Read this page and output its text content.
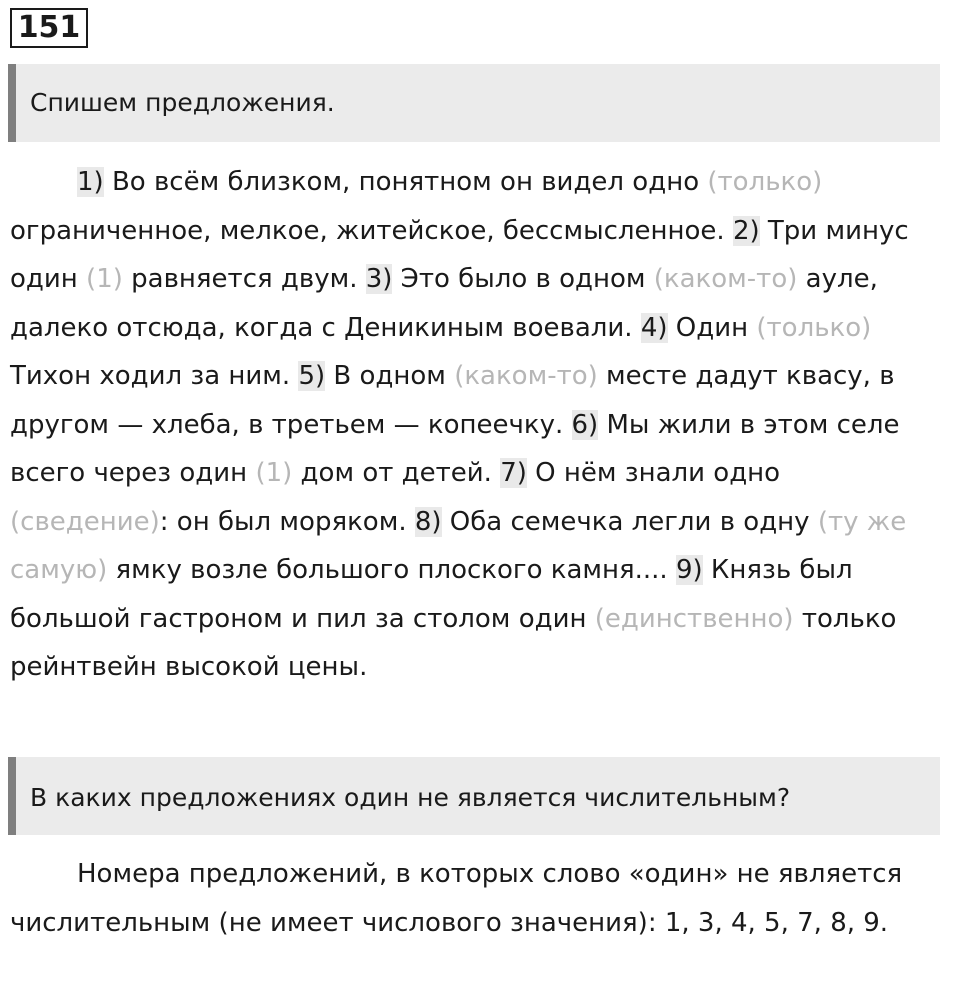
151
Спишем предложения.
1) Во всём близком, понятном он видел одно (только) ограниченное, мелкое, житейское, бессмысленное. 2) Три минус один (1) равняется двум. 3) Это было в одном (каком-то) ауле, далеко отсюда, когда с Деникиным воевали. 4) Один (только) Тихон ходил за ним. 5) В одном (каком-то) месте дадут квасу, в другом — хлеба, в третьем — копеечку. 6) Мы жили в этом селе всего через один (1) дом от детей. 7) О нём знали одно (сведение): он был моряком. 8) Оба семечка легли в одну (ту же самую) ямку возле большого плоского камня.... 9) Князь был большой гастроном и пил за столом один (единственно) только рейнтвейн высокой цены.
В каких предложениях один не является числительным?
Номера предложений, в которых слово «один» не является числительным (не имеет числового значения): 1, 3, 4, 5, 7, 8, 9.
